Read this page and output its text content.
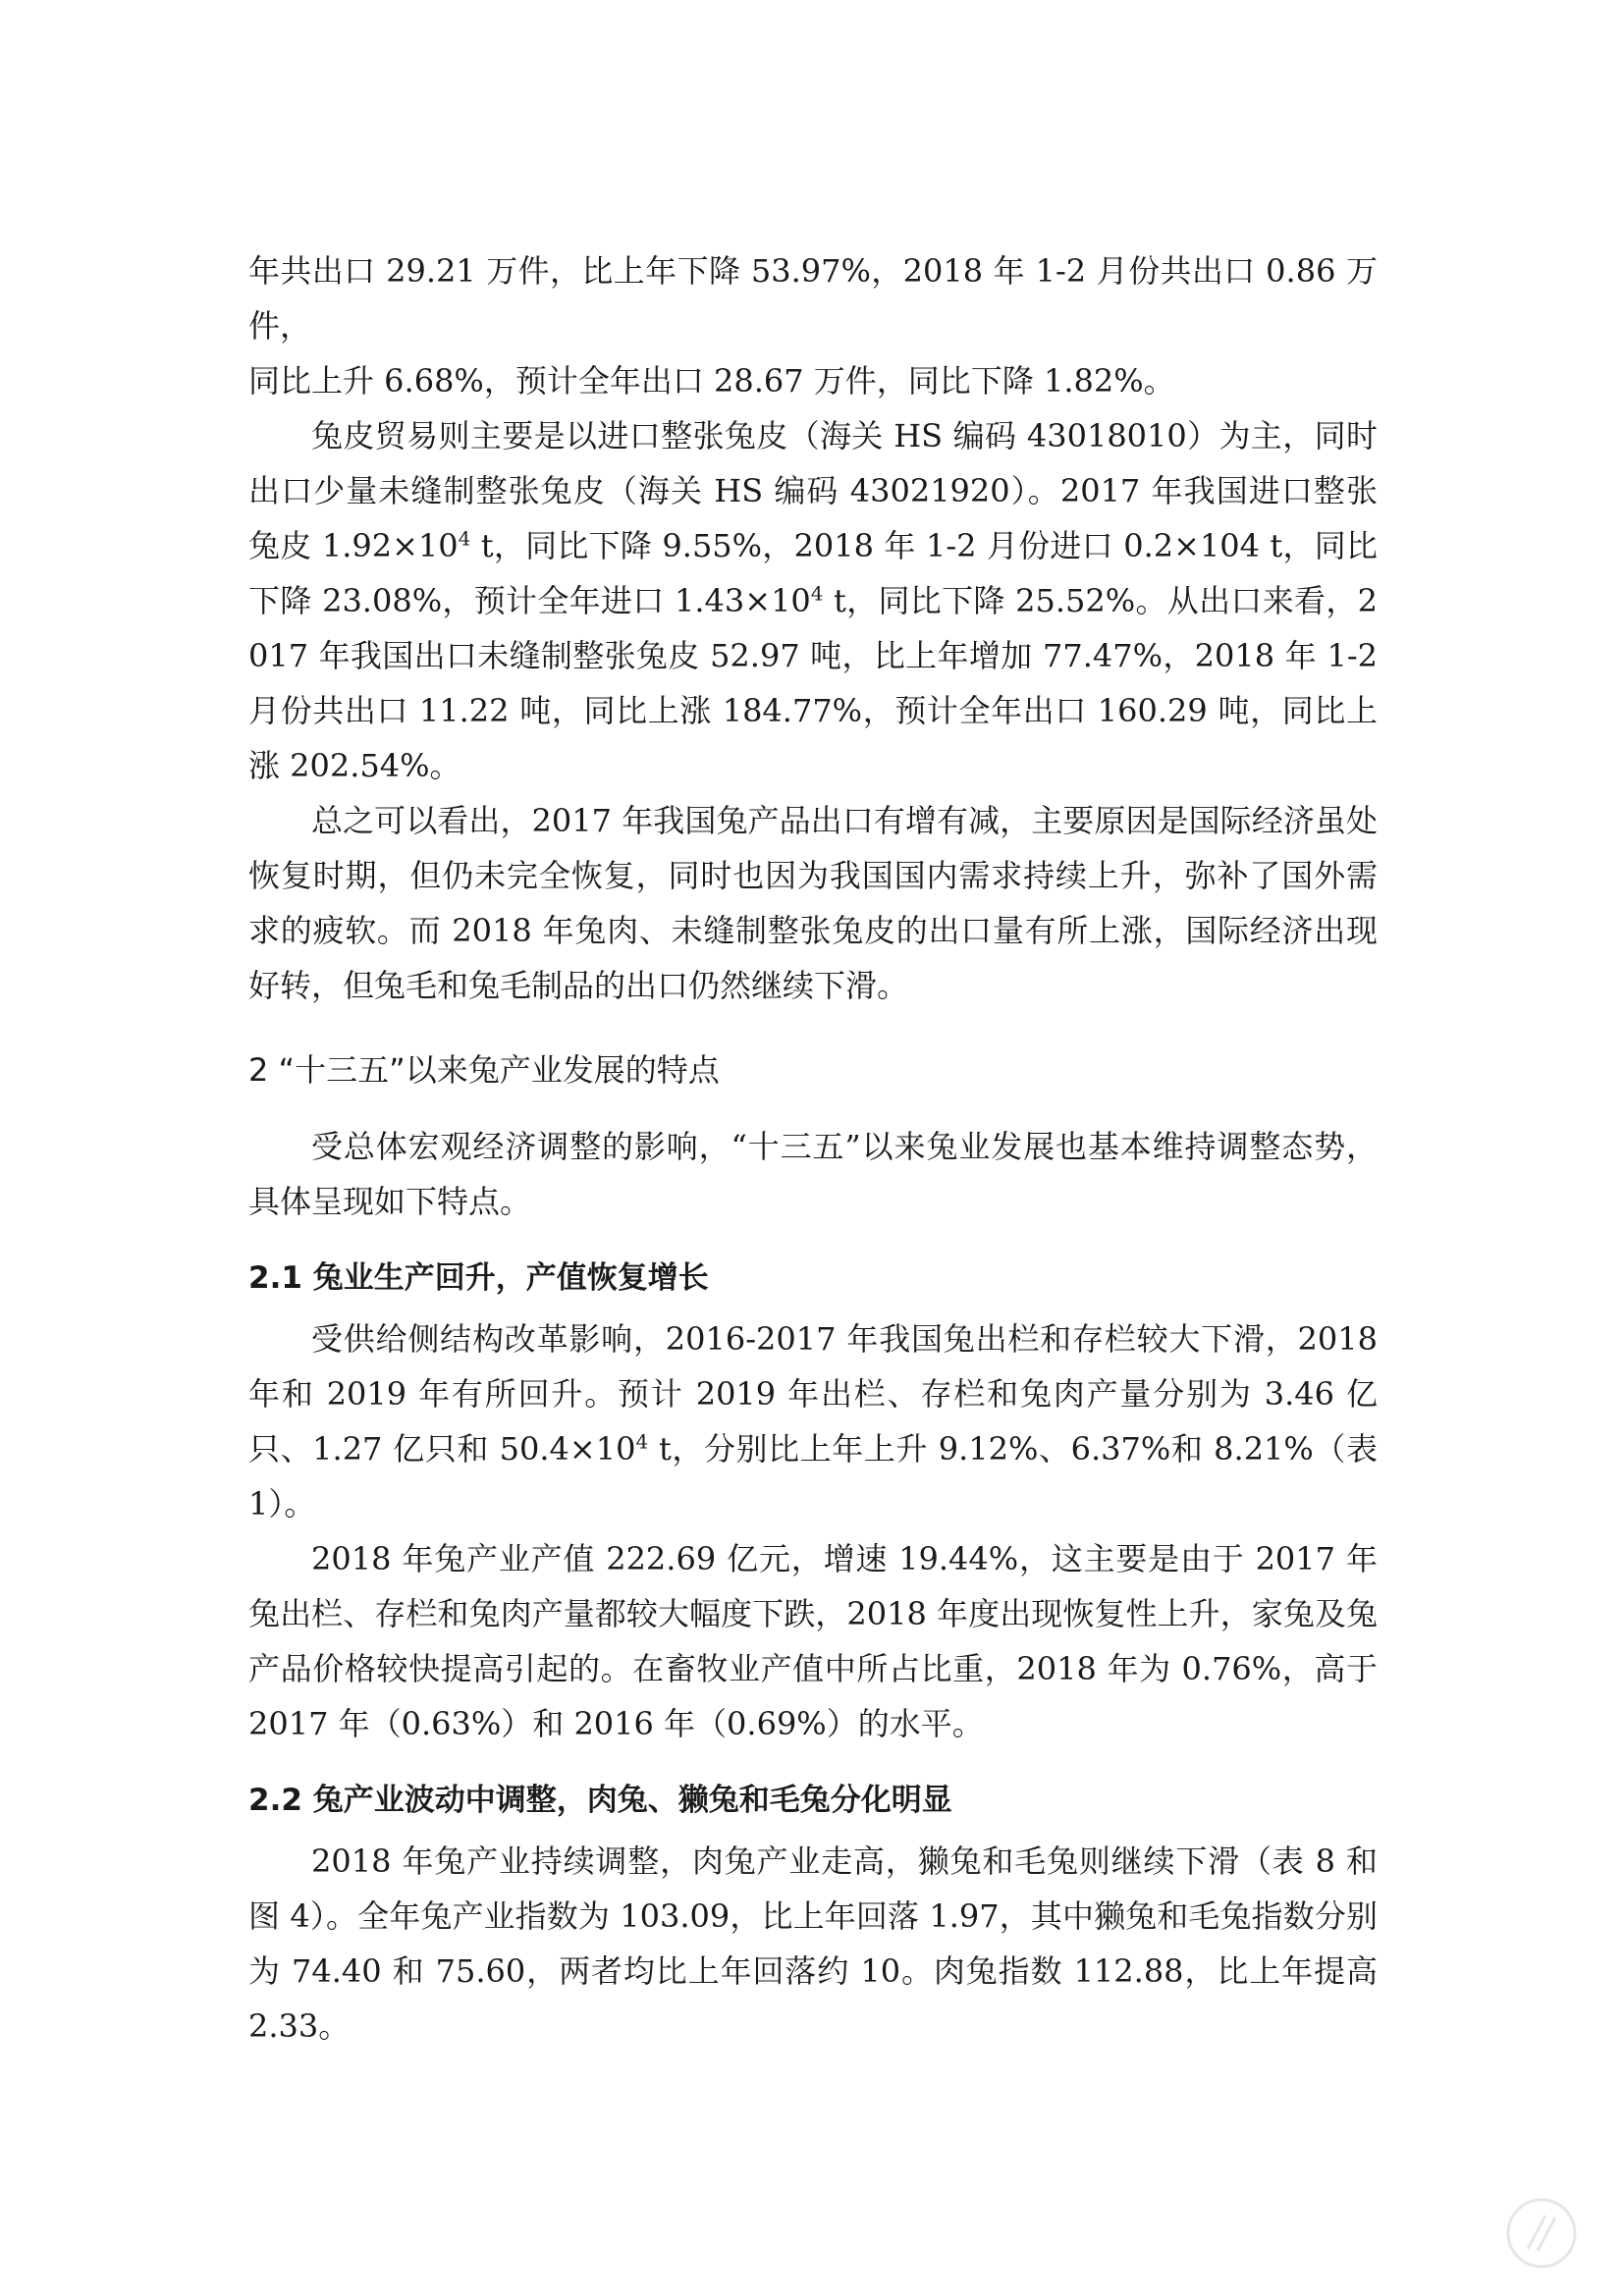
年共出口 29.21 万件，比上年下降 53.97%，2018 年 1-2 月份共出口 0.86 万件，
同比上升 6.68%，预计全年出口 28.67 万件，同比下降 1.82%。

兔皮贸易则主要是以进口整张兔皮（海关 HS 编码 43018010）为主，同时出口少量未缝制整张兔皮（海关 HS 编码 43021920）。2017 年我国进口整张兔皮 $1.92\times 10^4$ t，同比下降 9.55%，2018 年 1-2 月份进口 0.2×104 t，同比下降 23.08%，预计全年进口 $1.43\times 10^4$ t，同比下降 25.52%。从出口来看，2017 年我国出口未缝制整张兔皮 52.97 吨，比上年增加 77.47%，2018 年 1-2 月份共出口 11.22 吨，同比上涨 184.77%，预计全年出口 160.29 吨，同比上涨 202.54%。

总之可以看出，2017 年我国兔产品出口有增有减，主要原因是国际经济虽处恢复时期，但仍未完全恢复，同时也因为我国国内需求持续上升，弥补了国外需求的疲软。而 2018 年兔肉、未缝制整张兔皮的出口量有所上涨，国际经济出现好转，但兔毛和兔毛制品的出口仍然继续下滑。

2 “十三五”以来兔产业发展的特点

受总体宏观经济调整的影响，“十三五”以来兔业发展也基本维持调整态势，具体呈现如下特点。

2.1 兔业生产回升，产值恢复增长

受供给侧结构改革影响，2016-2017 年我国兔出栏和存栏较大下滑，2018 年和 2019 年有所回升。预计 2019 年出栏、存栏和兔肉产量分别为 3.46 亿只、1.27 亿只和 $50.4\times 10^4$ t，分别比上年上升 9.12%、6.37%和 8.21%（表 1）。

2018 年兔产业产值 222.69 亿元，增速 19.44%，这主要是由于 2017 年兔出栏、存栏和兔肉产量都较大幅度下跌，2018 年度出现恢复性上升，家兔及兔产品价格较快提高引起的。在畜牧业产值中所占比重，2018 年为 0.76%，高于 2017 年（0.63%）和 2016 年（0.69%）的水平。

2.2 兔产业波动中调整，肉兔、獭兔和毛兔分化明显

2018 年兔产业持续调整，肉兔产业走高，獭兔和毛兔则继续下滑（表 8 和图 4）。全年兔产业指数为 103.09，比上年回落 1.97，其中獭兔和毛兔指数分别为 74.40 和 75.60，两者均比上年回落约 10。肉兔指数 112.88，比上年提高 2.33。
